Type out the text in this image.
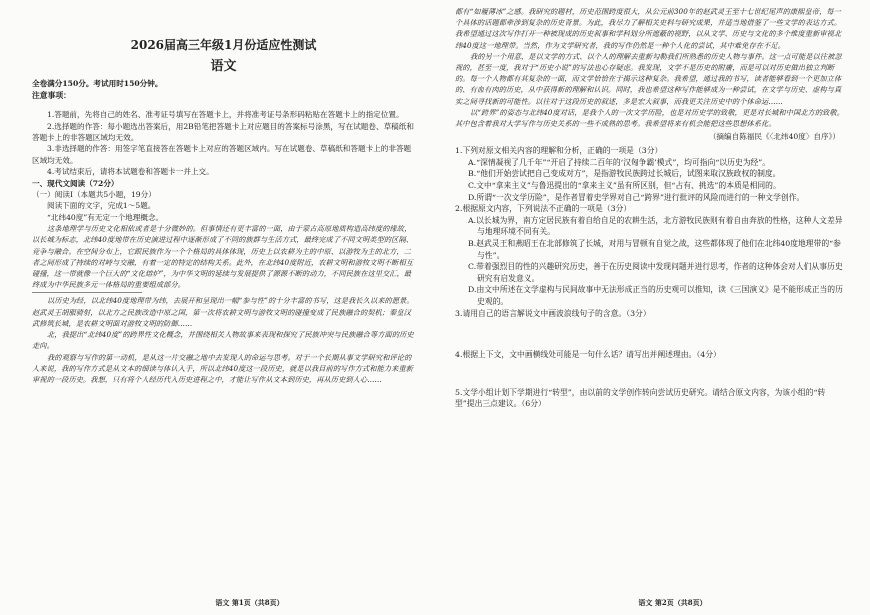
2026届高三年级1月份适应性测试
语文

全卷满分150分。考试用时150分钟。

注意事项：

1.答题前，先将自己的姓名、准考证号填写在答题卡上，并将准考证号条形码粘贴在答题卡上的指定位置。

2.选择题的作答：每小题选出答案后，用2B铅笔把答题卡上对应题目的答案标号涂黑，写在试题卷、草稿纸和答题卡上的非答题区域均无效。

3.非选择题的作答：用签字笔直接答在答题卡上对应的答题区域内。写在试题卷、草稿纸和答题卡上的非答题区域均无效。

4.考试结束后，请将本试题卷和答题卡一并上交。

一、现代文阅读（72分）

（一）阅读Ⅰ（本题共5小题，19分）

阅读下面的文字，完成1～5题。

“北纬40度”有无定一个地理概念。

这条地理学与历史文化相依或者是十分微妙的。但事情还有更丰富的一面，由于蒙古高原地质构造高纬度的缘故，以长城为标志，北纬40度地带在历史演进过程中逐渐形成了不同的族群与生活方式，最终完成了不同文明类型的区隔、竞争与融合。在空间分布上，它跟民族作为一个个格局的具体体现，历史上以农耕为主的中原、以游牧为主的北方，二者之间形成了持续的对峙与交融，有着一定的特定的结构关系。此外，在北纬40度附近，农耕文明和游牧文明不断相互碰撞，这一带就像一个巨大的“文化熔炉”，为中华文明的延续与发展提供了源源不断的动力，不同民族在这里交汇，最终成为中华民族多元一体格局的重要组成部分。

以历史为经，以北纬40度地理带为纬，去展开和呈现出一幅“参与性”的十分丰富的书写，这是我长久以来的愿景。赵武灵王胡服骑射，以北方之民族改造中原之国，第一次将农耕文明与游牧文明的碰撞变成了民族融合的契机；秦皇汉武修筑长城，是农耕文明面对游牧文明的防御……

北，我提出“北纬40度”的跨界性文化概念，并围绕相关人物故事来表现和探究了民族冲突与民族融合等方面的历史走向。

我的观察与写作的第一动机，是从这一片交融之地中去发现人的命运与思考。对于一个长期从事文学研究和评论的人来说，我的写作方式是从文本的细读与体认入手，所以北纬40度这一段历史，就是以我目前的写作方式和能力来重新审视的一段历史。我想，只有将个人经历代入历史进程之中，才能让写作从文本到历史，再从历史到人心……

语文 第1页（共8页）

都有“如履薄冰”之感。我研究的题材，历史范围跨度很大，从公元前300年的赵武灵王至十七世纪尾声的康熙皇帝，每一个具体的话题都牵涉到复杂的历史背景。为此，我尽力了解相关史料与研究成果，并适当地借鉴了一些文学的表达方式。我希望通过这次写作打开一种被现成的历史叙事和学科划分所遮蔽的视野，以从文学、历史与文化的多个维度重新审视北纬40度这一地理带。当然，作为文学研究者，我的写作仍然是一种个人化的尝试，其中难免存在不足。

我的另一个用意，是以文学的方式、以个人的理解去重新勾勒我们所熟悉的历史人物与事件。这一点可能是以往被忽视的，甚至一度，我对于“历史小说”的写法也心存疑虑。我发现，文学不是历史的附庸，而是可以对历史做出独立判断的。每一个人物都有其复杂的一面，而文学恰恰在于揭示这种复杂。我希望，通过我的书写，读者能够看到一个更加立体的、有血有肉的历史，从中获得新的理解和认识。同时，我也希望这种写作能够成为一种尝试，在文学与历史、虚构与真实之间寻找新的可能性。以往对于这段历史的叙述，多是宏大叙事，而我更关注历史中的个体命运……

以“跨界”的姿态与北纬40度对话，是我个人的一次文学历险，也是对历史学的致敬，更是对长城和中国北方的致敬。其中包含着我对大学写作与历史关系的一些不成熟的思考。我希望将来有机会能把这些思想体系化。

（摘编自陈福民《〈北纬40度〉自序》）

1.下列对原文相关内容的理解和分析，正确的一项是（3分）

A.“深情凝视了几千年”“开启了持续二百年的‘汉匈争霸’模式”，均可指向“以历史为经”。

B.“他们开始尝试把自己变成对方”，是指游牧民族跨过长城后，试图来取汉族政权的制度。

C.文中“拿来主义”与鲁迅提出的“拿来主义”虽有所区别，但“占有、挑选”的本质是相同的。

D.所谓“一次文学历险”，是作者冒着史学界对自己“跨界”进行批评的风险而进行的一种文学创作。

2.根据原文内容，下列说法不正确的一项是（3分）

A.以长城为界，南方定居民族有着自给自足的农耕生活，北方游牧民族则有着自由奔放的性格，这种人文差异与地理环境不同有关。

B.赵武灵王和燕昭王在北部修筑了长城，对用与冒顿有自觉之战，这些都体现了他们在北纬40度地理带的“参与性”。

C.带着强烈目的性的兴趣研究历史，善于在历史阅读中发现问题并进行思考，作者的这种体会对人们从事历史研究有启发意义。

D.由文中所述在文学虚构与民间故事中无法形成正当的历史观可以推知，读《三国演义》是不能形成正当的历史观的。

3.请用自己的语言解说文中画波浪线句子的含意。（3分）

4.根据上下文，文中画横线处可能是一句什么话？请写出并阐述理由。（4分）

5.文学小组计划下学期进行“转型”，由以前的文学创作转向尝试历史研究。请结合原文内容，为该小组的“转型”提出三点建议。（6分）

语文 第2页（共8页）
